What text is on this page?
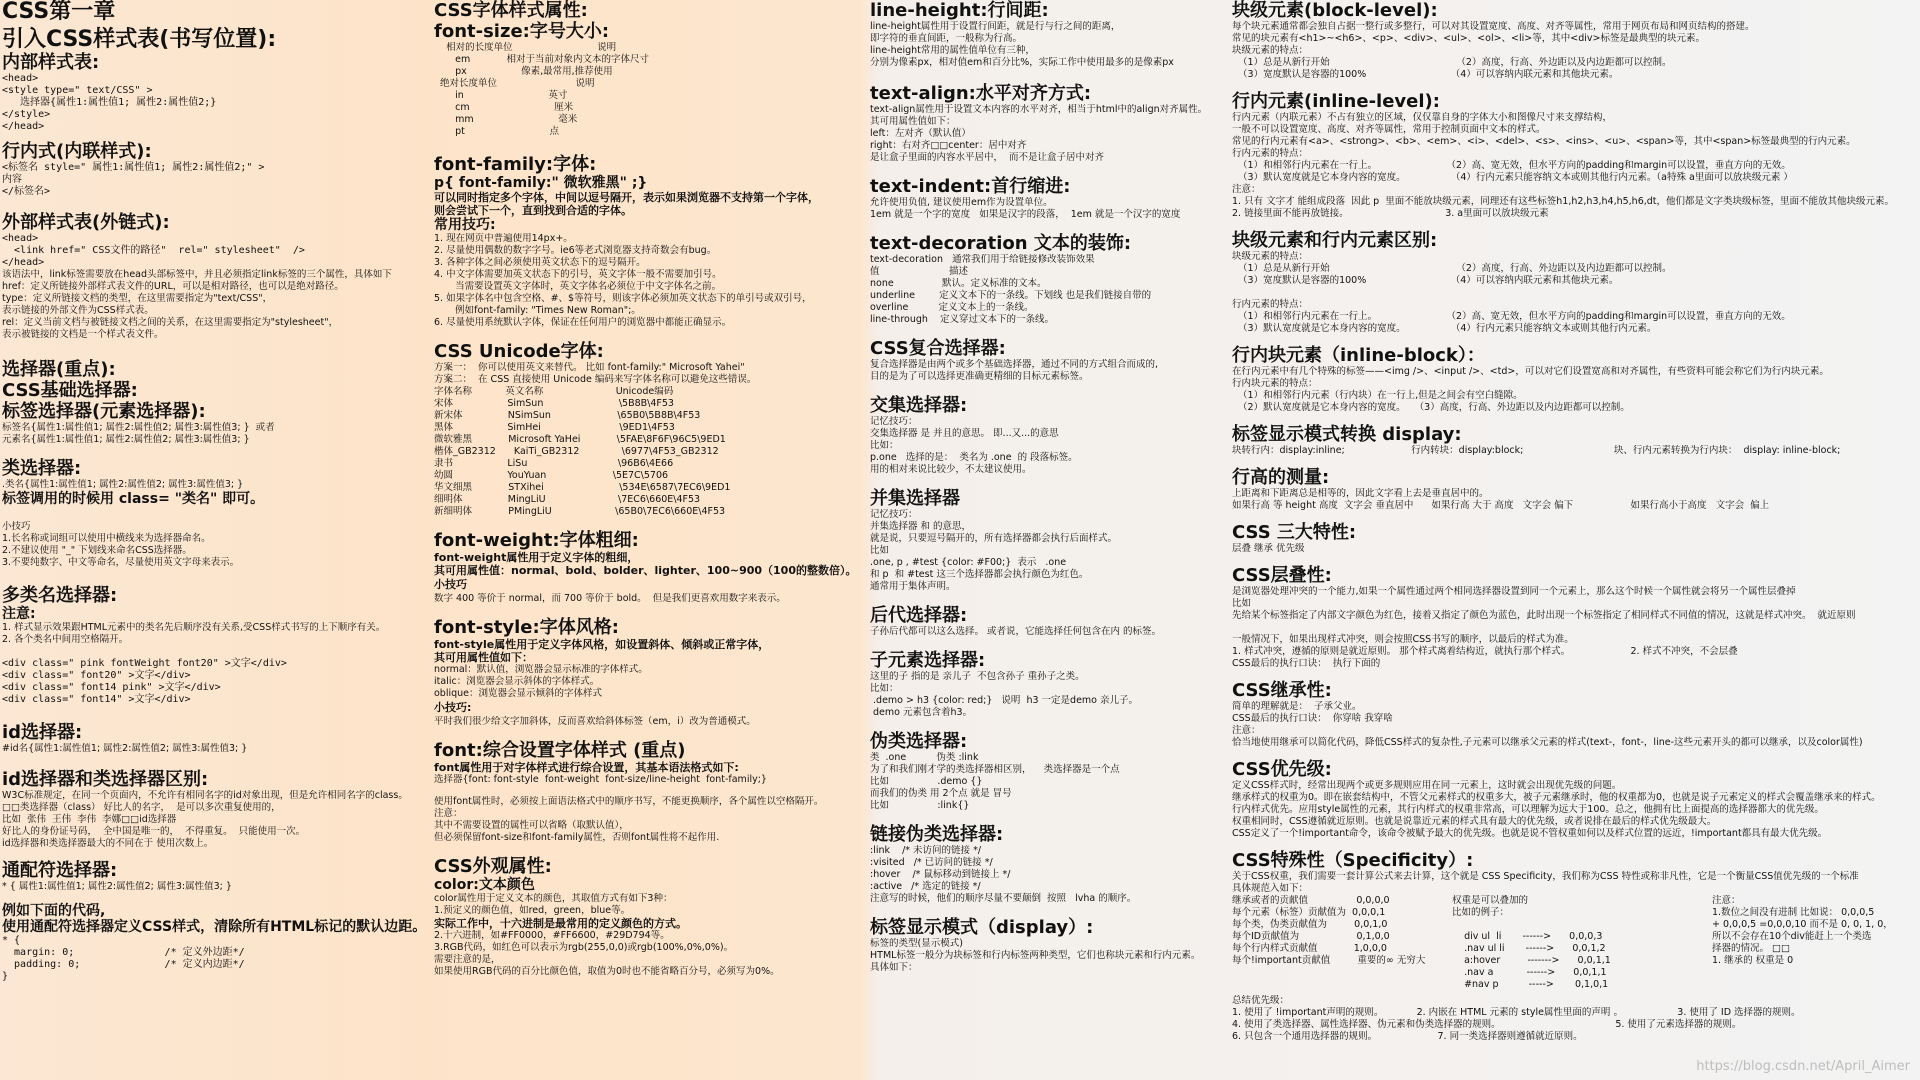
CSS第一章
引入CSS样式表(书写位置):
内部样式表:
<head>
<style type=" text/CSS" >
选择器{属性1:属性值1; 属性2:属性值2;}
</style>
</head>
行内式(内联样式):
<标签名 style=" 属性1:属性值1; 属性2:属性值2;" >
内容
</标签名>
外部样式表(外链式):
<head>
<link href=" CSS文件的路径"  rel=" stylesheet"  />
</head>
该语法中，link标签需要放在head头部标签中，并且必须指定link标签的三个属性，具体如下
href：定义所链接外部样式表文件的URL，可以是相对路径，也可以是绝对路径。
type：定义所链接文档的类型，在这里需要指定为"text/CSS"，
表示链接的外部文件为CSS样式表。
rel：定义当前文档与被链接文档之间的关系，在这里需要指定为"stylesheet"，
表示被链接的文档是一个样式表文件。
选择器(重点):
CSS基础选择器:
标签选择器(元素选择器):
标签名{属性1:属性值1; 属性2:属性值2; 属性3:属性值3; }  或者
元素名{属性1:属性值1; 属性2:属性值2; 属性3:属性值3; }
类选择器:
.类名{属性1:属性值1; 属性2:属性值2; 属性3:属性值3; }
标签调用的时候用 class= "类名" 即可。
小技巧
1.长名称或词组可以使用中横线来为选择器命名。
2.不建议使用 "_" 下划线来命名CSS选择器。
3.不要纯数字、中文等命名，尽量使用英文字母来表示。
多类名选择器:
注意:
1. 样式显示效果跟HTML元素中的类名先后顺序没有关系,受CSS样式书写的上下顺序有关。
2. 各个类名中间用空格隔开。
<div class=" pink fontWeight font20" >文字</div>
<div class=" font20" >文字</div>
<div class=" font14 pink" >文字</div>
<div class=" font14" >文字</div>
id选择器:
#id名{属性1:属性值1; 属性2:属性值2; 属性3:属性值3; }
id选择器和类选择器区别:
W3C标准规定，在同一个页面内，不允许有相同名字的id对象出现，但是允许相同名字的class。
□□类选择器（class） 好比人的名字，  是可以多次重复使用的，
比如  张伟  王伟  李伟  李娜□□id选择器
好比人的身份证号码，  全中国是唯一的，  不得重复。  只能使用一次。
id选择器和类选择器最大的不同在于 使用次数上。
通配符选择器:
* { 属性1:属性值1; 属性2:属性值2; 属性3:属性值3; }
例如下面的代码,
使用通配符选择器定义CSS样式，清除所有HTML标记的默认边距。
* {
margin: 0;               /* 定义外边距*/
padding: 0;              /* 定义内边距*/
}
CSS字体样式属性:
font-size:字号大小:
相对的长度单位                            说明
em            相对于当前对象内文本的字体尺寸
px                  像素,最常用,推荐使用
绝对长度单位                          说明
in                            英寸
cm                            厘米
mm                            毫米
pt                            点
font-family:字体:
p{ font-family:" 微软雅黑" ;}
可以同时指定多个字体，中间以逗号隔开，表示如果浏览器不支持第一个字体，
则会尝试下一个，直到找到合适的字体。
常用技巧:
1. 现在网页中普遍使用14px+。
2. 尽量使用偶数的数字字号。ie6等老式浏览器支持奇数会有bug。
3. 各种字体之间必须使用英文状态下的逗号隔开。
4. 中文字体需要加英文状态下的引号，英文字体一般不需要加引号。
当需要设置英文字体时，英文字体名必须位于中文字体名之前。
5. 如果字体名中包含空格、#、$等符号，则该字体必须加英文状态下的单引号或双引号，
例如font-family: "Times New Roman";。
6. 尽量使用系统默认字体，保证在任何用户的浏览器中都能正确显示。
CSS Unicode字体:
方案一：  你可以使用英文来替代。 比如 font-family:" Microsoft Yahei"
方案二：  在 CSS 直接使用 Unicode 编码来写字体名称可以避免这些错误。
字体名称           英文名称                        Unicode编码
宋体                  SimSun                         \5B8B\4F53
新宋体               NSimSun                      \65B0\5B8B\4F53
黑体                  SimHei                          \9ED1\4F53
微软雅黑            Microsoft YaHei            \5FAE\8F6F\96C5\9ED1
楷体_GB2312      KaiTi_GB2312              \6977\4F53_GB2312
隶书                  LiSu                              \96B6\4E66
幼圆                  YouYuan                      \5E7C\5706
华文细黑            STXihei                         \534E\6587\7EC6\9ED1
细明体               MingLiU                        \7EC6\660E\4F53
新细明体            PMingLiU                     \65B0\7EC6\660E\4F53
font-weight:字体粗细:
font-weight属性用于定义字体的粗细，
其可用属性值：normal、bold、bolder、lighter、100~900（100的整数倍）。
小技巧
数字 400 等价于 normal，而 700 等价于 bold。  但是我们更喜欢用数字来表示。
font-style:字体风格:
font-style属性用于定义字体风格，如设置斜体、倾斜或正常字体，
其可用属性值如下：
normal：默认值，浏览器会显示标准的字体样式。
italic：浏览器会显示斜体的字体样式。
oblique：浏览器会显示倾斜的字体样式
小技巧:
平时我们很少给文字加斜体，反而喜欢给斜体标签（em，i）改为普通模式。
font:综合设置字体样式 (重点)
font属性用于对字体样式进行综合设置，其基本语法格式如下:
选择器{font: font-style  font-weight  font-size/line-height  font-family;}
使用font属性时，必须按上面语法格式中的顺序书写，不能更换顺序，各个属性以空格隔开。
注意：
其中不需要设置的属性可以省略（取默认值），
但必须保留font-size和font-family属性，否则font属性将不起作用.
CSS外观属性:
color:文本颜色
color属性用于定义文本的颜色，其取值方式有如下3种：
1.预定义的颜色值，如red，green，blue等。
实际工作中，十六进制是最常用的定义颜色的方式。
2.十六进制，如#FF0000，#FF6600，#29D794等。
3.RGB代码，如红色可以表示为rgb(255,0,0)或rgb(100%,0%,0%)。
需要注意的是，
如果使用RGB代码的百分比颜色值，取值为0时也不能省略百分号，必须写为0%。
line-height:行间距:
line-height属性用于设置行间距，就是行与行之间的距离，
即字符的垂直间距，一般称为行高。
line-height常用的属性值单位有三种，
分别为像素px，相对值em和百分比%，实际工作中使用最多的是像素px
text-align:水平对齐方式:
text-align属性用于设置文本内容的水平对齐，相当于html中的align对齐属性。
其可用属性值如下：
left：左对齐（默认值）
right：右对齐□□center：居中对齐
是让盒子里面的内容水平居中，  而不是让盒子居中对齐
text-indent:首行缩进:
允许使用负值, 建议使用em作为设置单位。
1em 就是一个字的宽度   如果是汉字的段落，  1em 就是一个汉字的宽度
text-decoration 文本的装饰:
text-decoration   通常我们用于给链接修改装饰效果
值                       描述
none                默认。定义标准的文本。
underline        定义文本下的一条线。下划线 也是我们链接自带的
overline          定义文本上的一条线。
line-through    定义穿过文本下的一条线。
CSS复合选择器:
复合选择器是由两个或多个基础选择器，通过不同的方式组合而成的,
目的是为了可以选择更准确更精细的目标元素标签。
交集选择器:
记忆技巧：
交集选择器 是 并且的意思。 即...又...的意思
比如：
p.one   选择的是：  类名为 .one  的 段落标签。
用的相对来说比较少，不太建议使用。
并集选择器
记忆技巧：
并集选择器 和 的意思，
就是说，只要逗号隔开的，所有选择器都会执行后面样式。
比如
.one, p , #test {color: #F00;}  表示   .one
和 p  和 #test 这三个选择器都会执行颜色为红色。
通常用于集体声明。
后代选择器:
子孙后代都可以这么选择。 或者说，它能选择任何包含在内 的标签。
子元素选择器:
这里的子 指的是 亲儿子  不包含孙子 重孙子之类。
比如：
.demo > h3 {color: red;}   说明  h3 一定是demo 亲儿子。
demo 元素包含着h3。
伪类选择器:
类  .one          伪类 :link
为了和我们刚才学的类选择器相区别，    类选择器是一个点
比如                .demo {}
而我们的伪类 用 2个点 就是 冒号
比如                :link{}
链接伪类选择器:
:link    /* 未访问的链接 */
:visited   /* 已访问的链接 */
:hover    /* 鼠标移动到链接上 */
:active   /* 选定的链接 */
注意写的时候，他们的顺序尽量不要颠倒  按照   lvha 的顺序。
标签显示模式（display）:
标签的类型(显示模式)
HTML标签一般分为块标签和行内标签两种类型，它们也称块元素和行内元素。
具体如下：
块级元素(block-level):
每个块元素通常都会独自占据一整行或多整行，可以对其设置宽度、高度、对齐等属性，常用于网页布局和网页结构的搭建。
常见的块元素有<h1>~<h6>、<p>、<div>、<ul>、<ol>、<li>等，其中<div>标签是最典型的块元素。
块级元素的特点：
（1）总是从新行开始                                          （2）高度，行高、外边距以及内边距都可以控制。
（3）宽度默认是容器的100%                            （4）可以容纳内联元素和其他块元素。
行内元素(inline-level):
行内元素（内联元素）不占有独立的区域，仅仅靠自身的字体大小和图像尺寸来支撑结构，
一般不可以设置宽度、高度、对齐等属性，常用于控制页面中文本的样式。
常见的行内元素有<a>、<strong>、<b>、<em>、<i>、<del>、<s>、<ins>、<u>、<span>等，其中<span>标签最典型的行内元素。
行内元素的特点：
（1）和相邻行内元素在一行上。                       （2）高、宽无效，但水平方向的padding和margin可以设置，垂直方向的无效。
（3）默认宽度就是它本身内容的宽度。               （4）行内元素只能容纳文本或则其他行内元素。（a特殊 a里面可以放块级元素 ）
注意：
1. 只有 文字才 能组成段落  因此 p  里面不能放块级元素，同理还有这些标签h1,h2,h3,h4,h5,h6,dt，他们都是文字类块级标签，里面不能放其他块级元素。
2. 链接里面不能再放链接。                                3. a里面可以放块级元素
块级元素和行内元素区别:
块级元素的特点：
（1）总是从新行开始                                          （2）高度，行高、外边距以及内边距都可以控制。
（3）宽度默认是容器的100%                            （4）可以容纳内联元素和其他块元素。

行内元素的特点：
（1）和相邻行内元素在一行上。                       （2）高、宽无效，但水平方向的padding和margin可以设置，垂直方向的无效。
（3）默认宽度就是它本身内容的宽度。               （4）行内元素只能容纳文本或则其他行内元素。
行内块元素（inline-block）：
在行内元素中有几个特殊的标签——<img />、<input />、<td>，可以对它们设置宽高和对齐属性，有些资料可能会称它们为行内块元素。
行内块元素的特点：
（1）和相邻行内元素（行内块）在一行上,但是之间会有空白缝隙。
（2）默认宽度就是它本身内容的宽度。   （3）高度，行高、外边距以及内边距都可以控制。
标签显示模式转换 display:
块转行内：display:inline;                      行内转块：display:block;                              块、行内元素转换为行内块：  display: inline-block;
行高的测量:
上距离和下距离总是相等的，因此文字看上去是垂直居中的。
如果行高 等 height 高度  文字会 垂直居中      如果行高 大于 高度   文字会 偏下                   如果行高小于高度   文字会  偏上
CSS 三大特性:
层叠 继承 优先级
CSS层叠性:
是浏览器处理冲突的一个能力,如果一个属性通过两个相同选择器设置到同一个元素上，那么这个时候一个属性就会将另一个属性层叠掉
比如
先给某个标签指定了内部文字颜色为红色，接着又指定了颜色为蓝色，此时出现一个标签指定了相同样式不同值的情况，这就是样式冲突。  就近原则

一般情况下，如果出现样式冲突，则会按照CSS书写的顺序，以最后的样式为准。
1. 样式冲突，遵循的原则是就近原则。 那个样式离着结构近，就执行那个样式。                    2. 样式不冲突，不会层叠
CSS最后的执行口诀：  执行下面的
CSS继承性:
简单的理解就是：  子承父业。
CSS最后的执行口诀：  你穿啥 我穿啥
注意：
恰当地使用继承可以简化代码，降低CSS样式的复杂性,子元素可以继承父元素的样式(text-，font-，line-这些元素开头的都可以继承，以及color属性)
CSS优先级:
定义CSS样式时，经常出现两个或更多规则应用在同一元素上，这时就会出现优先级的问题。
继承样式的权重为0。即在嵌套结构中，不管父元素样式的权重多大，被子元素继承时，他的权重都为0，也就是说子元素定义的样式会覆盖继承来的样式。
行内样式优先。应用style属性的元素，其行内样式的权重非常高，可以理解为远大于100。总之，他拥有比上面提高的选择器都大的优先级。
权重相同时，CSS遵循就近原则。也就是说靠近元素的样式具有最大的优先级，或者说排在最后的样式优先级最大。
CSS定义了一个!important命令，该命令被赋予最大的优先级。也就是说不管权重如何以及样式位置的远近，!important都具有最大优先级。
CSS特殊性（Specificity）:
关于CSS权重，我们需要一套计算公式来去计算，这个就是 CSS Specificity，我们称为CSS 特性或称非凡性，它是一个衡量CSS值优先级的一个标准
具体规范入如下：
继承或者的贡献值                0,0,0,0
每个元素（标签）贡献值为  0,0,0,1
每个类，伪类贡献值为         0,0,1,0
每个ID贡献值为                   0,1,0,0
每个行内样式贡献值            1,0,0,0
每个!important贡献值         重要的∞ 无穷大
权重是可以叠加的
比如的例子：

div ul  li       ------>      0,0,0,3
.nav ul li       ------>      0,0,1,2
a:hover         ------->      0,0,1,1
.nav a           ------>      0,0,1,1
#nav p          ----->       0,1,0,1
注意：
1.数位之间没有进制 比如说： 0,0,0,5
+ 0,0,0,5 =0,0,0,10 而不是 0, 0, 1, 0，
所以不会存在10个div能赶上一个类选
择器的情况。 □□
1. 继承的 权重是 0
总结优先级：
1. 使用了 !important声明的规则。           2. 内嵌在 HTML 元素的 style属性里面的声明 。                  3. 使用了 ID 选择器的规则。
4. 使用了类选择器、属性选择器、伪元素和伪类选择器的规则。                                      5. 使用了元素选择器的规则。
6. 只包含一个通用选择器的规则。                    7. 同一类选择器则遵循就近原则。
https://blog.csdn.net/April_Aimer
